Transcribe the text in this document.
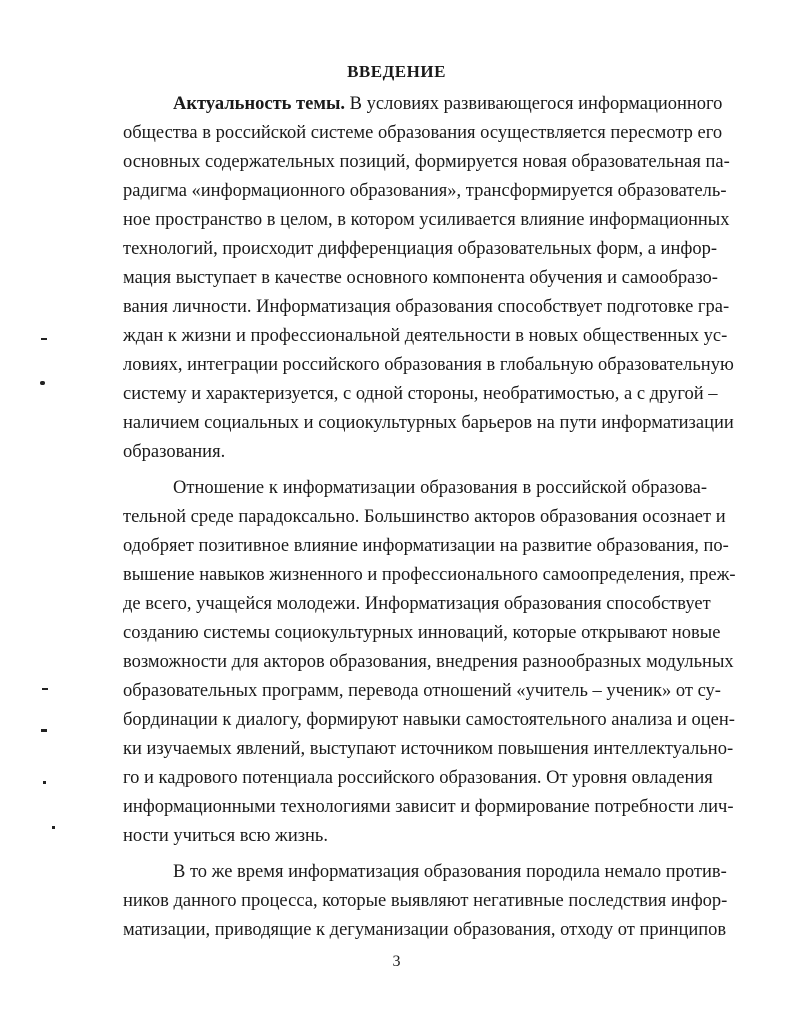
ВВЕДЕНИЕ
Актуальность темы. В условиях развивающегося информационного
общества в российской системе образования осуществляется пересмотр его
основных содержательных позиций, формируется новая образовательная па-
радигма «информационного образования», трансформируется образователь-
ное пространство в целом, в котором усиливается влияние информационных
технологий, происходит дифференциация образовательных форм, а инфор-
мация выступает в качестве основного компонента обучения и самообразо-
вания личности. Информатизация образования способствует подготовке гра-
ждан к жизни и профессиональной деятельности в новых общественных ус-
ловиях, интеграции российского образования в глобальную образовательную
систему и характеризуется, с одной стороны, необратимостью, а с другой –
наличием социальных и социокультурных барьеров на пути информатизации
образования.
Отношение к информатизации образования в российской образова-
тельной среде парадоксально. Большинство акторов образования осознает и
одобряет позитивное влияние информатизации на развитие образования, по-
вышение навыков жизненного и профессионального самоопределения, преж-
де всего, учащейся молодежи. Информатизация образования способствует
созданию системы социокультурных инноваций, которые открывают новые
возможности для акторов образования, внедрения разнообразных модульных
образовательных программ, перевода отношений «учитель – ученик» от су-
бординации к диалогу, формируют навыки самостоятельного анализа и оцен-
ки изучаемых явлений, выступают источником повышения интеллектуально-
го и кадрового потенциала российского образования. От уровня овладения
информационными технологиями зависит и формирование потребности лич-
ности учиться всю жизнь.
В то же время информатизация образования породила немало против-
ников данного процесса, которые выявляют негативные последствия инфор-
матизации, приводящие к дегуманизации образования, отходу от принципов
3
